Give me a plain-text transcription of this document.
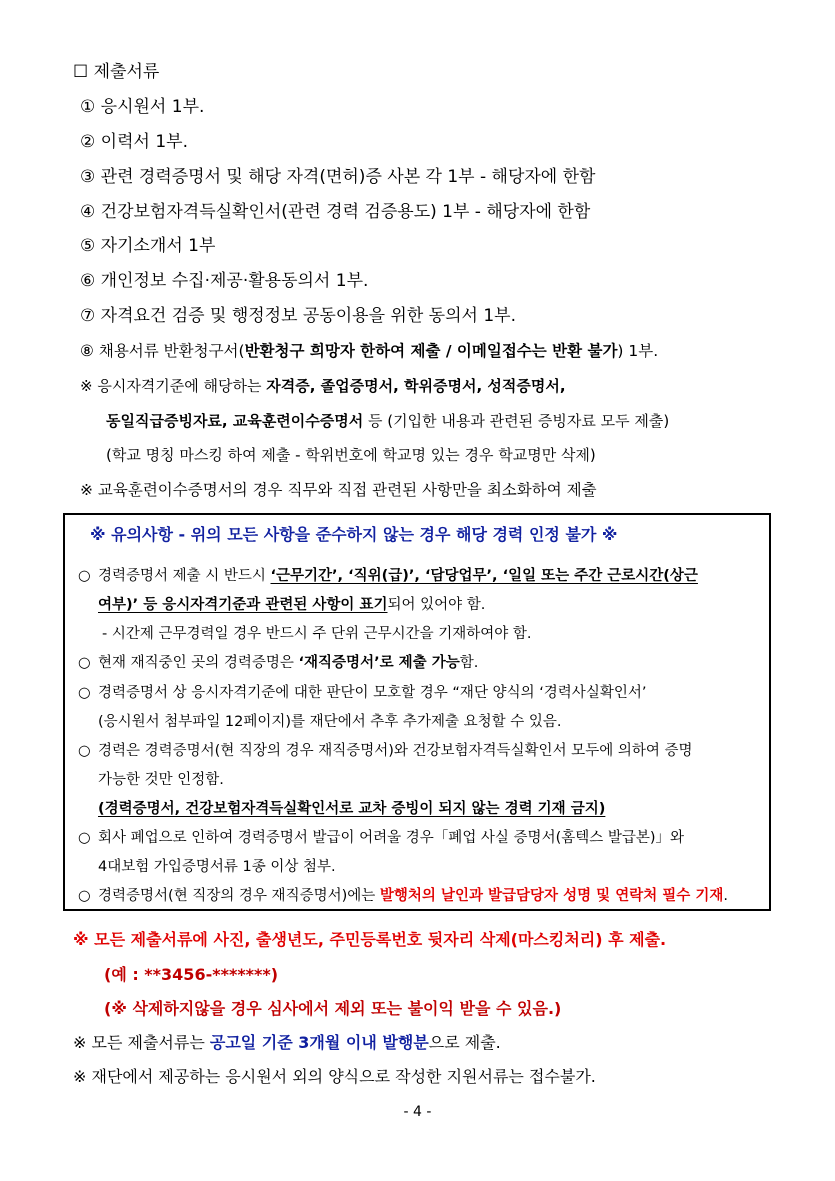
☐ 제출서류
① 응시원서 1부.
② 이력서 1부.
③ 관련 경력증명서 및 해당 자격(면허)증 사본 각 1부 - 해당자에 한함
④ 건강보험자격득실확인서(관련 경력 검증용도) 1부 - 해당자에 한함
⑤ 자기소개서 1부
⑥ 개인정보 수집·제공·활용동의서 1부.
⑦ 자격요건 검증 및 행정정보 공동이용을 위한 동의서 1부.
⑧ 채용서류 반환청구서(반환청구 희망자 한하여 제출 / 이메일접수는 반환 불가) 1부.
※ 응시자격기준에 해당하는 자격증, 졸업증명서, 학위증명서, 성적증명서,
동일직급증빙자료, 교육훈련이수증명서 등 (기입한 내용과 관련된 증빙자료 모두 제출)
(학교 명칭 마스킹 하여 제출 - 학위번호에 학교명 있는 경우 학교명만 삭제)
※ 교육훈련이수증명서의 경우 직무와 직접 관련된 사항만을 최소화하여 제출
※ 유의사항 - 위의 모든 사항을 준수하지 않는 경우 해당 경력 인정 불가 ※
○ 경력증명서 제출 시 반드시 ‘근무기간’, ‘직위(급)’, ‘담당업무’, ‘일일 또는 주간 근로시간(상근
여부)’ 등 응시자격기준과 관련된 사항이 표기되어 있어야 함.
- 시간제 근무경력일 경우 반드시 주 단위 근무시간을 기재하여야 함.
○ 현재 재직중인 곳의 경력증명은 ‘재직증명서’로 제출 가능함.
○ 경력증명서 상 응시자격기준에 대한 판단이 모호할 경우 “재단 양식의 ‘경력사실확인서’
(응시원서 첨부파일 12페이지)를 재단에서 추후 추가제출 요청할 수 있음.
○ 경력은 경력증명서(현 직장의 경우 재직증명서)와 건강보험자격득실확인서 모두에 의하여 증명
가능한 것만 인정함.
(경력증명서, 건강보험자격득실확인서로 교차 증빙이 되지 않는 경력 기재 금지)
○ 회사 폐업으로 인하여 경력증명서 발급이 어려울 경우「폐업 사실 증명서(홈텍스 발급본)」와
4대보험 가입증명서류 1종 이상 첨부.
○ 경력증명서(현 직장의 경우 재직증명서)에는 발행처의 날인과 발급담당자 성명 및 연락처 필수 기재.
※ 모든 제출서류에 사진, 출생년도, 주민등록번호 뒷자리 삭제(마스킹처리) 후 제출.
(예 : **3456-*******)
(※ 삭제하지않을 경우 심사에서 제외 또는 불이익 받을 수 있음.)
※ 모든 제출서류는 공고일 기준 3개월 이내 발행분으로 제출.
※ 재단에서 제공하는 응시원서 외의 양식으로 작성한 지원서류는 접수불가.
- 4 -
